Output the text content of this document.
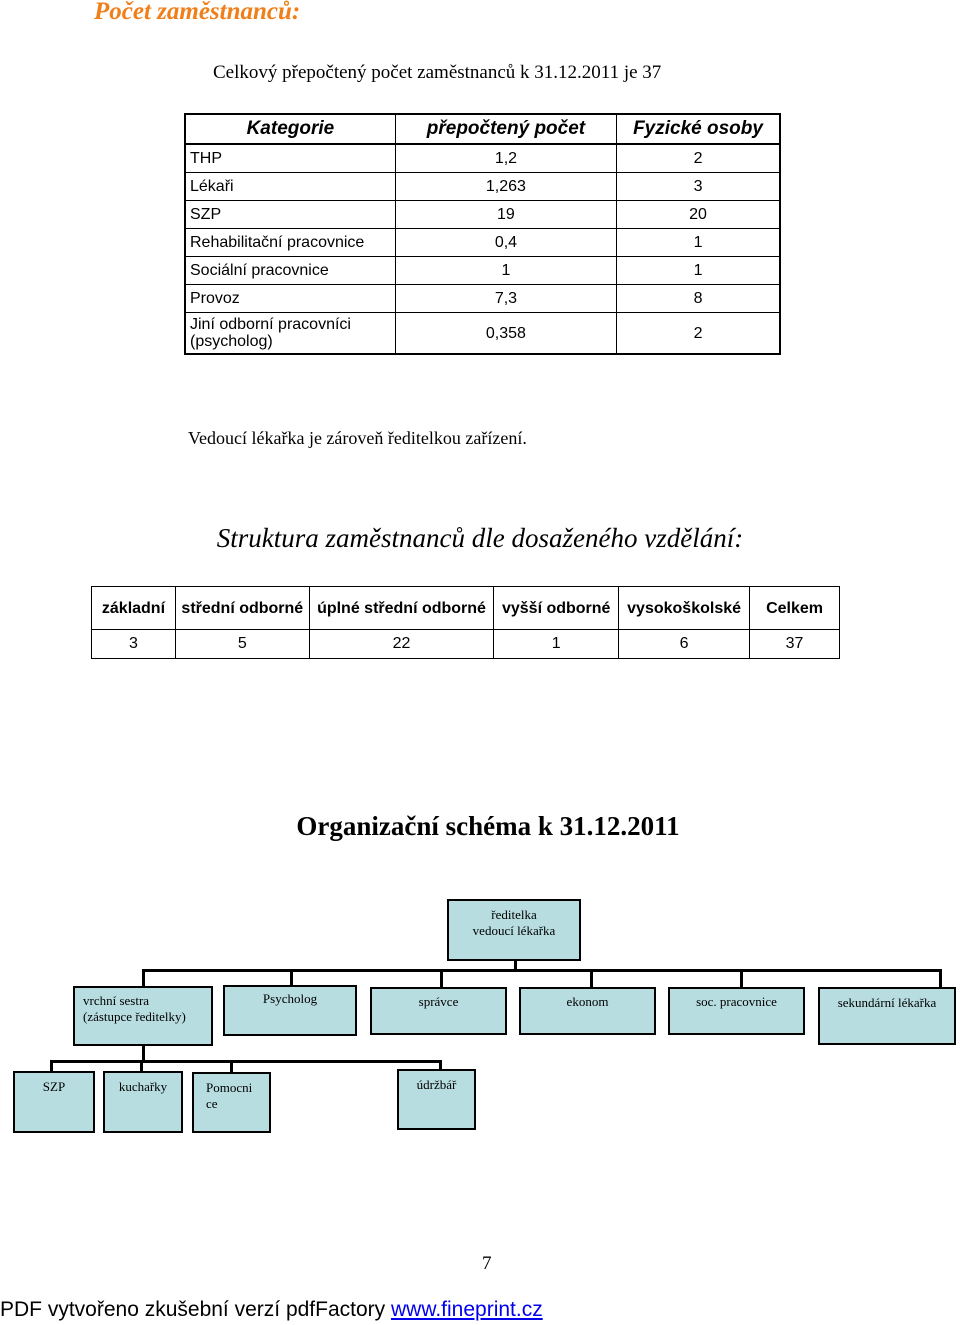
Počet zaměstnanců:
Celkový přepočtený počet zaměstnanců k 31.12.2011 je 37
Kategorie	přepočtený počet	Fyzické osoby
THP	1,2	2
Lékaři	1,263	3
SZP	19	20
Rehabilitační pracovnice	0,4	1
Sociální pracovnice	1	1
Provoz	7,3	8
Jiní odborní pracovníci (psycholog)	0,358	2
Vedoucí lékařka je zároveň ředitelkou zařízení.
Struktura zaměstnanců dle dosaženého vzdělání:
základní	střední odborné	úplné střední odborné	vyšší odborné	vysokoškolské	Celkem
3	5	22	1	6	37
Organizační schéma k 31.12.2011
ředitelka
vedoucí lékařka
vrchní sestra
(zástupce ředitelky)
Psycholog	správce	ekonom	soc. pracovnice	sekundární lékařka
SZP	kuchařky	Pomocni
ce
údržbář
7
PDF vytvořeno zkušební verzí pdfFactory www.fineprint.cz
